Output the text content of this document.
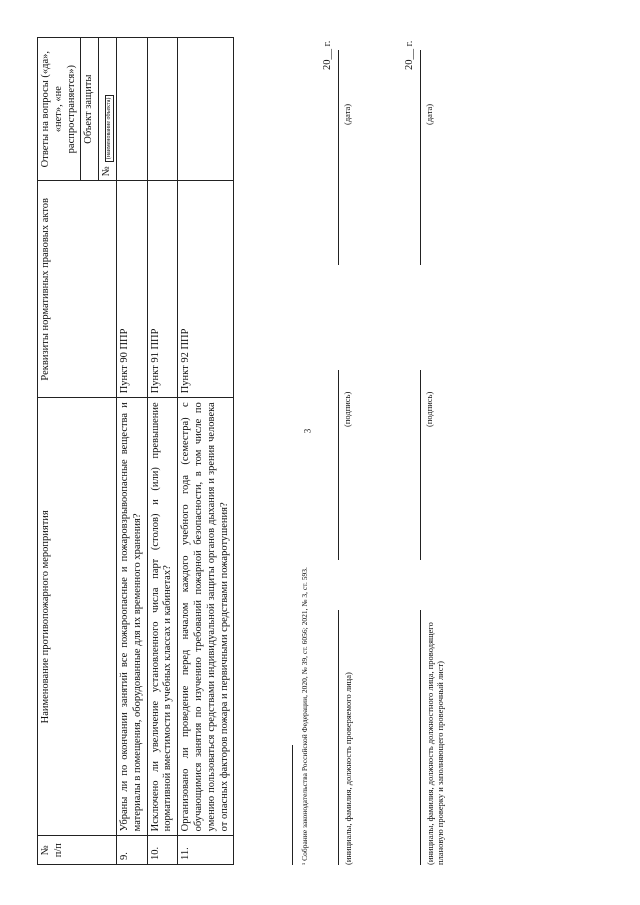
3
№ п/п	Наименование противопожарного мероприятия	Реквизиты нормативных правовых актов	Ответы на вопросы («да», «нет», «не распространяется»)
			Объект защиты

			№
(наименование объекта)

9.	Убраны ли по окончании занятий все пожароопасные и пожаровзрывоопасные вещества и материалы в помещения, оборудованные для их временного хранения?	Пункт 90 ППР	
10.	Исключено ли увеличение установленного числа парт (столов) и (или) превышение нормативной вместимости в учебных классах и кабинетах?	Пункт 91 ППР	
11.	Организовано ли проведение перед началом каждого учебного года (семестра) с обучающимися занятия по изучению требований пожарной безопасности, в том числе по умению пользоваться средствами индивидуальной защиты органов дыхания и зрения человека от опасных факторов пожара и первичными средствами пожаротушения?	Пункт 92 ППР	
¹ Собрание законодательства Российской Федерации, 2020, № 39, ст. 6056; 2021, № 3, ст. 593.	(инициалы, фамилия, должность проверяемого лица)
(подпись)
(дата)
20__ г.
(инициалы, фамилия, должность должностного лица, проводящего плановую проверку и заполняющего проверочный лист)
(подпись)
(дата)
20__ г.
